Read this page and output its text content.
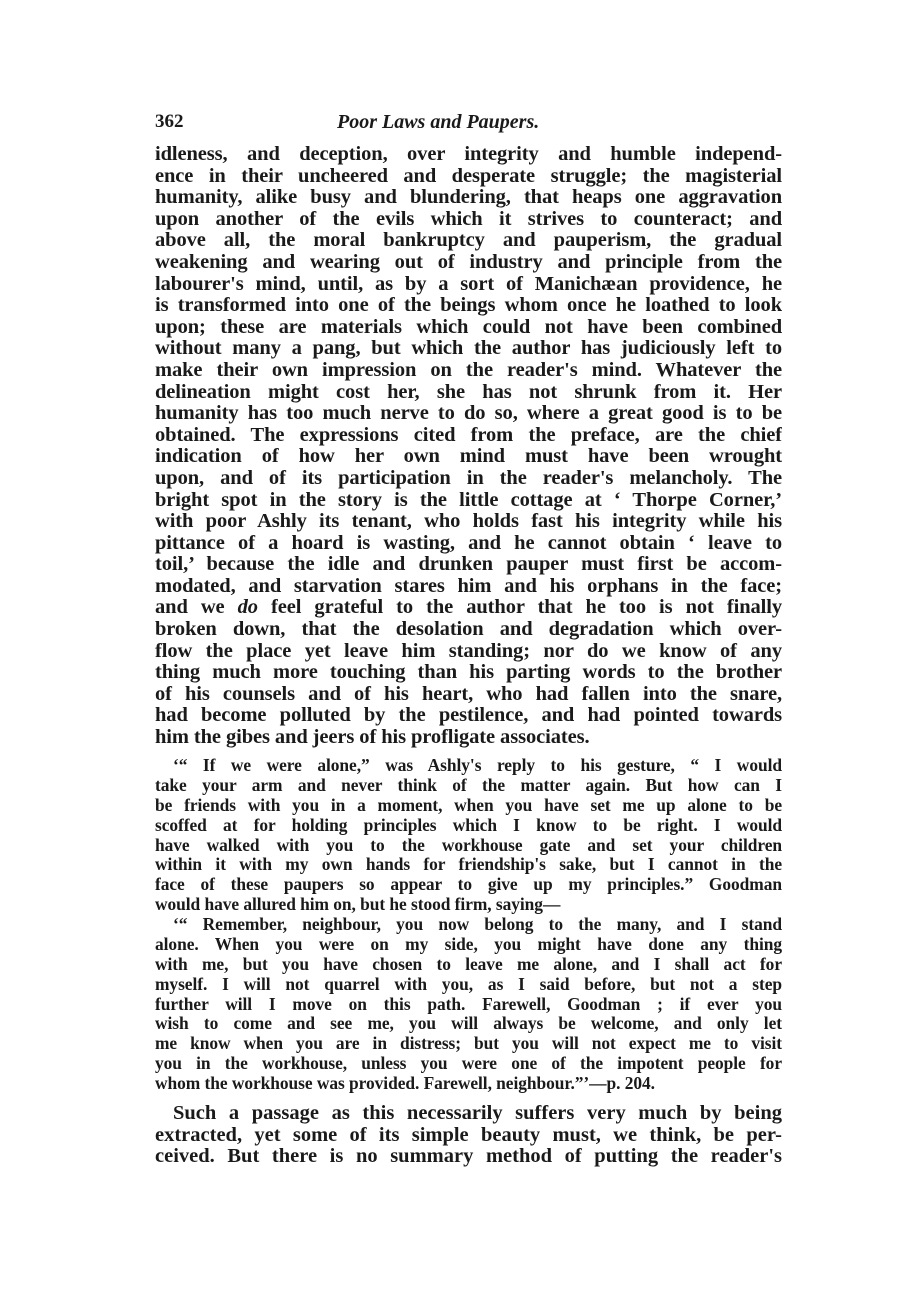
362	Poor Laws and Paupers.
idleness, and deception, over integrity and humble independ-
ence in their uncheered and desperate struggle; the magisterial
humanity, alike busy and blundering, that heaps one aggravation
upon another of the evils which it strives to counteract; and
above all, the moral bankruptcy and pauperism, the gradual
weakening and wearing out of industry and principle from the
labourer's mind, until, as by a sort of Manichæan providence, he
is transformed into one of the beings whom once he loathed to look
upon; these are materials which could not have been combined
without many a pang, but which the author has judiciously left to
make their own impression on the reader's mind. Whatever the
delineation might cost her, she has not shrunk from it. Her
humanity has too much nerve to do so, where a great good is to be
obtained. The expressions cited from the preface, are the chief
indication of how her own mind must have been wrought
upon, and of its participation in the reader's melancholy. The
bright spot in the story is the little cottage at ‘ Thorpe Corner,’
with poor Ashly its tenant, who holds fast his integrity while his
pittance of a hoard is wasting, and he cannot obtain ‘ leave to
toil,’ because the idle and drunken pauper must first be accom-
modated, and starvation stares him and his orphans in the face;
and we do feel grateful to the author that he too is not finally
broken down, that the desolation and degradation which over-
flow the place yet leave him standing; nor do we know of any
thing much more touching than his parting words to the brother
of his counsels and of his heart, who had fallen into the snare,
had become polluted by the pestilence, and had pointed towards
him the gibes and jeers of his profligate associates.
‘“ If we were alone,” was Ashly's reply to his gesture, “ I would
take your arm and never think of the matter again. But how can I
be friends with you in a moment, when you have set me up alone to be
scoffed at for holding principles which I know to be right. I would
have walked with you to the workhouse gate and set your children
within it with my own hands for friendship's sake, but I cannot in the
face of these paupers so appear to give up my principles.” Goodman
would have allured him on, but he stood firm, saying—
‘“ Remember, neighbour, you now belong to the many, and I stand
alone. When you were on my side, you might have done any thing
with me, but you have chosen to leave me alone, and I shall act for
myself. I will not quarrel with you, as I said before, but not a step
further will I move on this path. Farewell, Goodman ; if ever you
wish to come and see me, you will always be welcome, and only let
me know when you are in distress; but you will not expect me to visit
you in the workhouse, unless you were one of the impotent people for
whom the workhouse was provided. Farewell, neighbour.”’—p. 204.
Such a passage as this necessarily suffers very much by being
extracted, yet some of its simple beauty must, we think, be per-
ceived. But there is no summary method of putting the reader's
